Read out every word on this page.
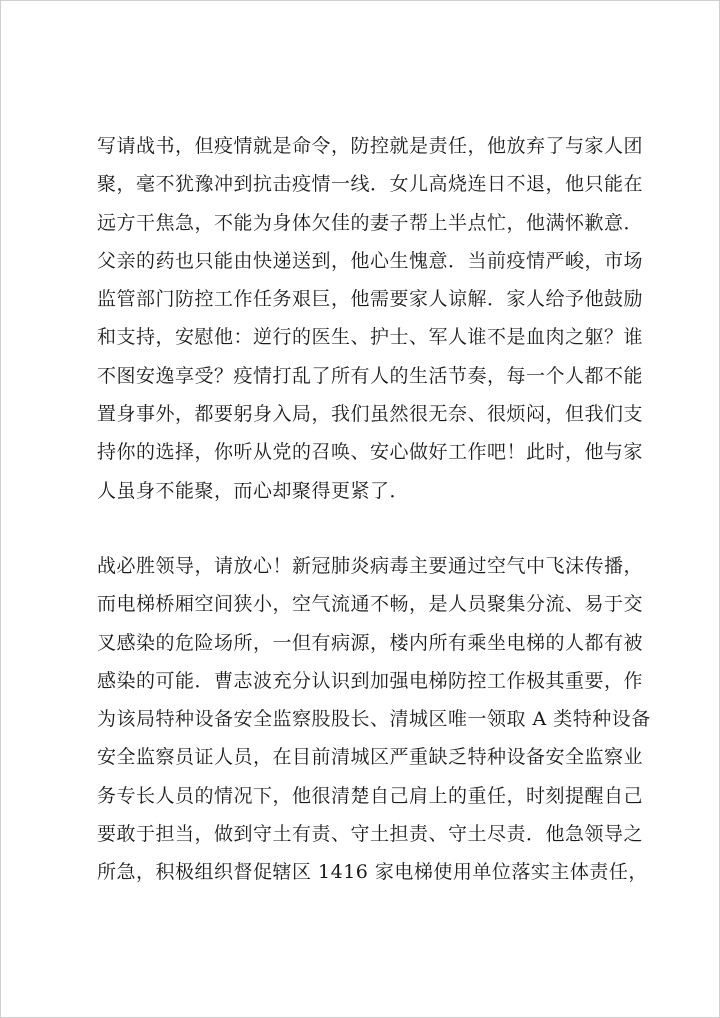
写请战书，但疫情就是命令，防控就是责任，他放弃了与家人团
聚，毫不犹豫冲到抗击疫情一线．女儿高烧连日不退，他只能在
远方干焦急，不能为身体欠佳的妻子帮上半点忙，他满怀歉意．
父亲的药也只能由快递送到，他心生愧意．当前疫情严峻，市场
监管部门防控工作任务艰巨，他需要家人谅解．家人给予他鼓励
和支持，安慰他：逆行的医生、护士、军人谁不是血肉之躯？谁
不图安逸享受？疫情打乱了所有人的生活节奏，每一个人都不能
置身事外，都要躬身入局，我们虽然很无奈、很烦闷，但我们支
持你的选择，你听从党的召唤、安心做好工作吧！此时，他与家
人虽身不能聚，而心却聚得更紧了．

战必胜领导，请放心！新冠肺炎病毒主要通过空气中飞沫传播，
而电梯桥厢空间狭小，空气流通不畅，是人员聚集分流、易于交
叉感染的危险场所，一但有病源，楼内所有乘坐电梯的人都有被
感染的可能．曹志波充分认识到加强电梯防控工作极其重要，作
为该局特种设备安全监察股股长、清城区唯一领取 A 类特种设备
安全监察员证人员，在目前清城区严重缺乏特种设备安全监察业
务专长人员的情况下，他很清楚自己肩上的重任，时刻提醒自己
要敢于担当，做到守土有责、守土担责、守土尽责．他急领导之
所急，积极组织督促辖区 1416 家电梯使用单位落实主体责任，
